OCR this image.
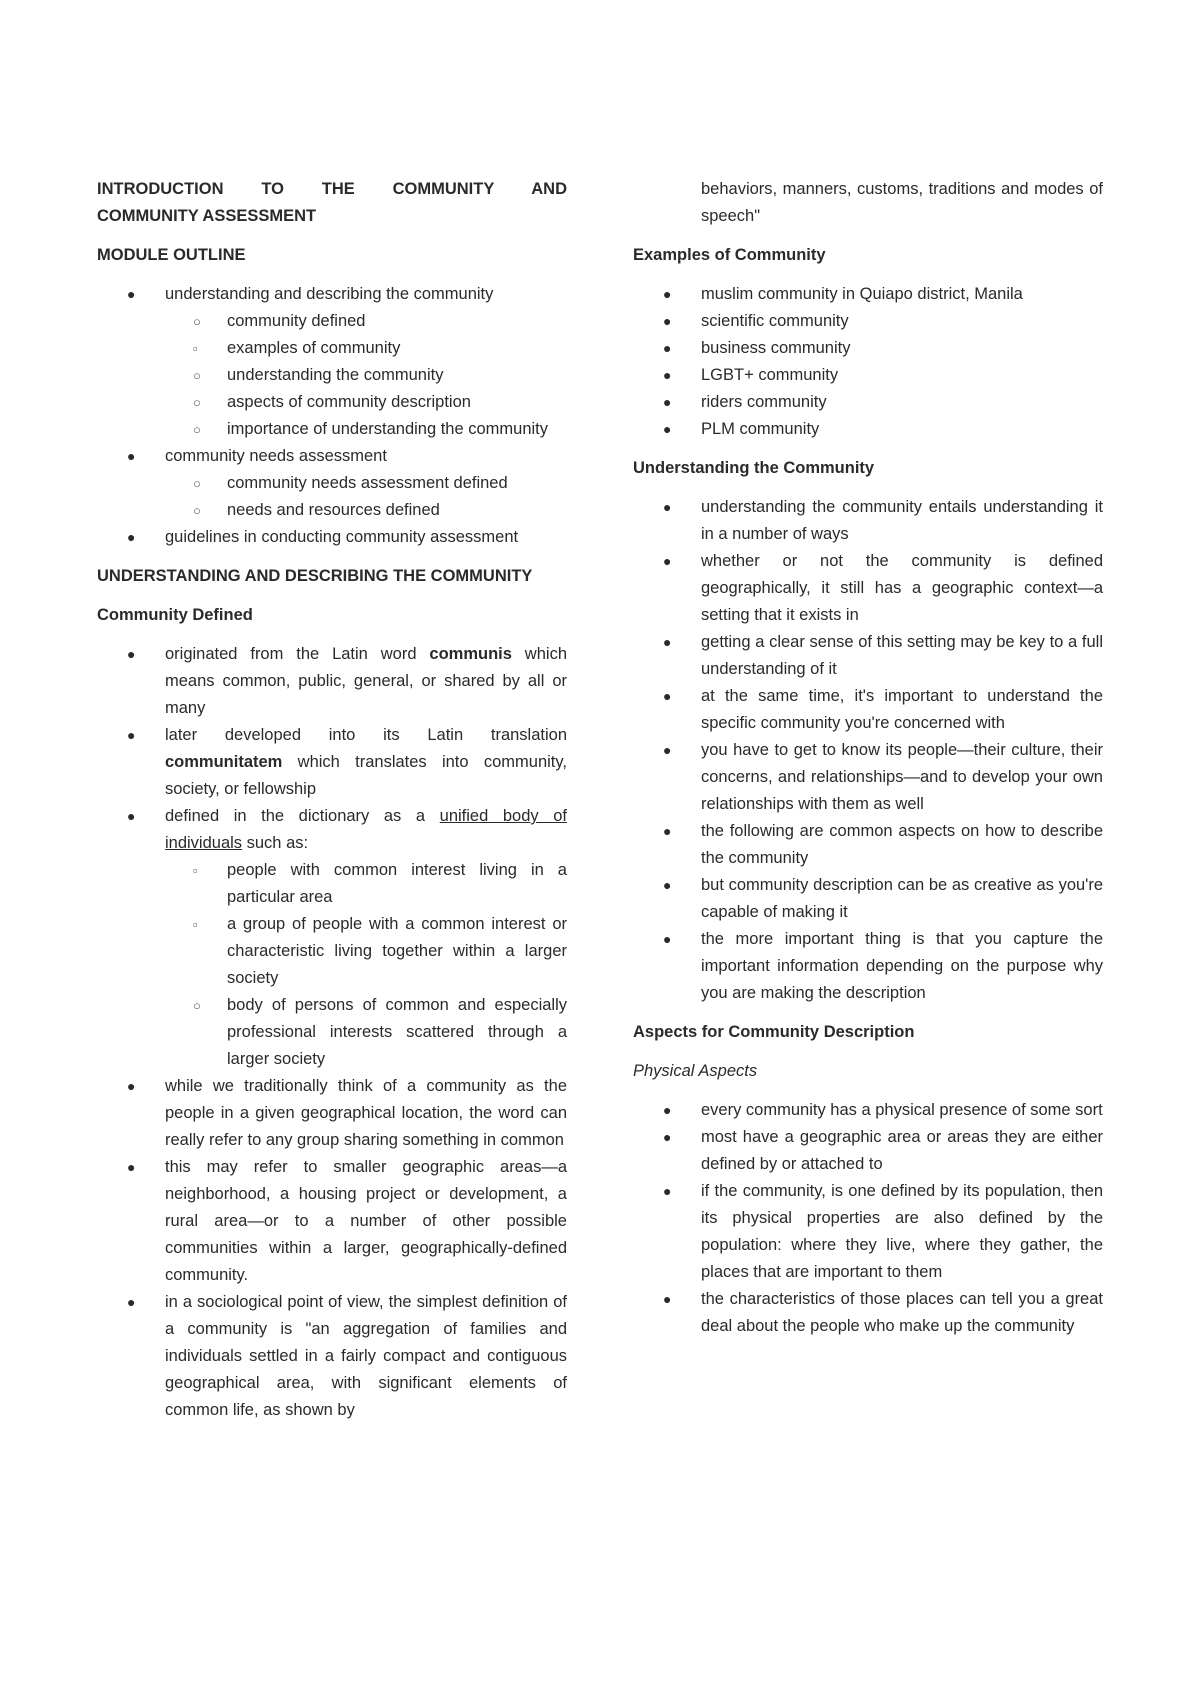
INTRODUCTION TO THE COMMUNITY AND
COMMUNITY ASSESSMENT

MODULE OUTLINE

● understanding and describing the community
○ community defined
▫ examples of community
○ understanding the community
○ aspects of community description
○ importance of understanding the community
● community needs assessment
○ community needs assessment defined
○ needs and resources defined
● guidelines in conducting community assessment

UNDERSTANDING AND DESCRIBING THE COMMUNITY

Community Defined

● originated from the Latin word communis which means common, public, general, or shared by all or many
● later developed into its Latin translation communitatem which translates into community, society, or fellowship
● defined in the dictionary as a unified body of individuals such as:
▫ people with common interest living in a particular area
▫ a group of people with a common interest or characteristic living together within a larger society
○ body of persons of common and especially professional interests scattered through a larger society
● while we traditionally think of a community as the people in a given geographical location, the word can really refer to any group sharing something in common
● this may refer to smaller geographic areas—a neighborhood, a housing project or development, a rural area—or to a number of other possible communities within a larger, geographically-defined community.
● in a sociological point of view, the simplest definition of a community is "an aggregation of families and individuals settled in a fairly compact and contiguous geographical area, with significant elements of common life, as shown by
behaviors, manners, customs, traditions and modes of speech"

Examples of Community

● muslim community in Quiapo district, Manila
● scientific community
● business community
● LGBT+ community
● riders community
● PLM community

Understanding the Community

● understanding the community entails understanding it in a number of ways
● whether or not the community is defined geographically, it still has a geographic context—a setting that it exists in
● getting a clear sense of this setting may be key to a full understanding of it
● at the same time, it's important to understand the specific community you're concerned with
● you have to get to know its people—their culture, their concerns, and relationships—and to develop your own relationships with them as well
● the following are common aspects on how to describe the community
● but community description can be as creative as you're capable of making it
● the more important thing is that you capture the important information depending on the purpose why you are making the description

Aspects for Community Description

Physical Aspects

● every community has a physical presence of some sort
● most have a geographic area or areas they are either defined by or attached to
● if the community, is one defined by its population, then its physical properties are also defined by the population: where they live, where they gather, the places that are important to them
● the characteristics of those places can tell you a great deal about the people who make up the community
